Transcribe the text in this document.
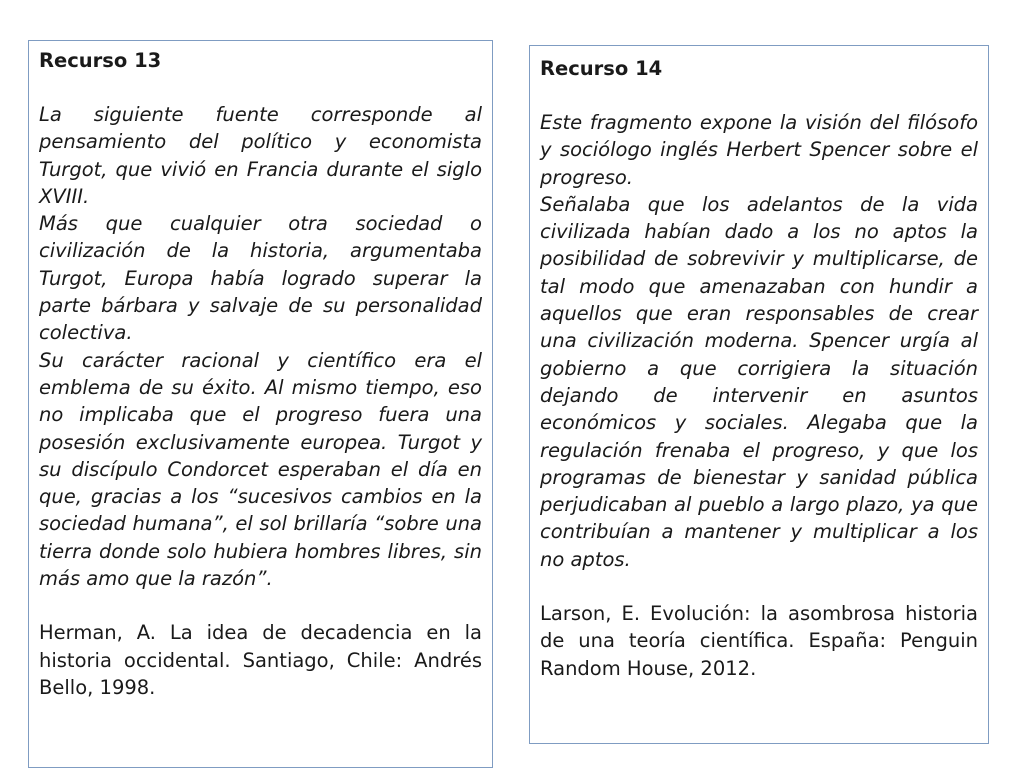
Recurso 13

La siguiente fuente corresponde al pensamiento del político y economista Turgot, que vivió en Francia durante el siglo XVIII.

Más que cualquier otra sociedad o civilización de la historia, argumentaba Turgot, Europa había logrado superar la parte bárbara y salvaje de su personalidad colectiva.

Su carácter racional y científico era el emblema de su éxito. Al mismo tiempo, eso no implicaba que el progreso fuera una posesión exclusivamente europea. Turgot y su discípulo Condorcet esperaban el día en que, gracias a los “sucesivos cambios en la sociedad humana”, el sol brillaría “sobre una tierra donde solo hubiera hombres libres, sin más amo que la razón”.

Herman, A. La idea de decadencia en la historia occidental. Santiago, Chile: Andrés Bello, 1998.

Recurso 14

Este fragmento expone la visión del filósofo y sociólogo inglés Herbert Spencer sobre el progreso.

Señalaba que los adelantos de la vida civilizada habían dado a los no aptos la posibilidad de sobrevivir y multiplicarse, de tal modo que amenazaban con hundir a aquellos que eran responsables de crear una civilización moderna. Spencer urgía al gobierno a que corrigiera la situación dejando de intervenir en asuntos económicos y sociales. Alegaba que la regulación frenaba el progreso, y que los programas de bienestar y sanidad pública perjudicaban al pueblo a largo plazo, ya que contribuían a mantener y multiplicar a los no aptos.

Larson, E. Evolución: la asombrosa historia de una teoría científica. España: Penguin Random House, 2012.
